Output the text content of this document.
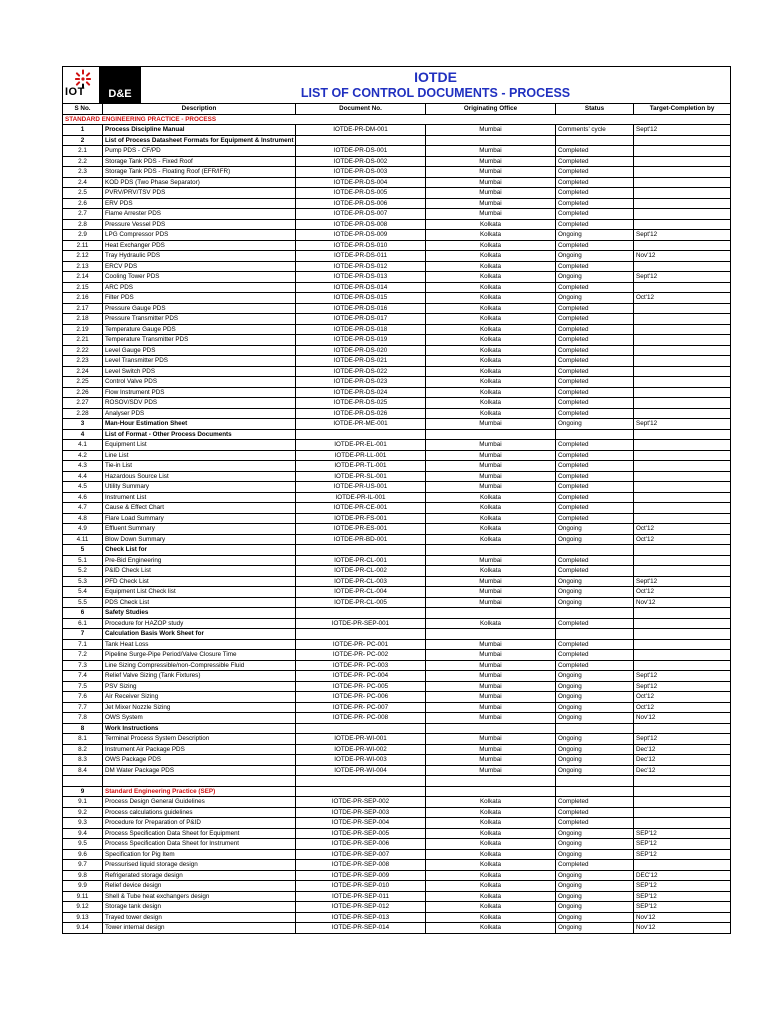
IOT D&E
IOTDE
LIST OF CONTROL DOCUMENTS - PROCESS					

S No.	Description	Document No.	Originating Office	Status	Target-Completion by
STANDARD ENGINEERING PRACTICE - PROCESS					
1	Process Discipline Manual	IOTDE-PR-DM-001	Mumbai	Comments' cycle	Sept'12
2	List of Process Datasheet Formats for Equipment & Instrument				
2.1	Pump PDS - CF/PD	IOTDE-PR-DS-001	Mumbai	Completed	
2.2	Storage Tank PDS - Fixed Roof	IOTDE-PR-DS-002	Mumbai	Completed	
2.3	Storage Tank PDS - Floating Roof (EFR/IFR)	IOTDE-PR-DS-003	Mumbai	Completed	
2.4	KOD PDS (Two Phase Separator)	IOTDE-PR-DS-004	Mumbai	Completed	
2.5	PVRV/PRV/TSV PDS	IOTDE-PR-DS-005	Mumbai	Completed	
2.6	ERV PDS	IOTDE-PR-DS-006	Mumbai	Completed	
2.7	Flame Arrester PDS	IOTDE-PR-DS-007	Mumbai	Completed	
2.8	Pressure Vessel PDS	IOTDE-PR-DS-008	Kolkata	Completed	
2.9	LPG Compressor PDS	IOTDE-PR-DS-009	Kolkata	Ongoing	Sept'12
2.11	Heat Exchanger PDS	IOTDE-PR-DS-010	Kolkata	Completed	
2.12	Tray Hydraulic PDS	IOTDE-PR-DS-011	Kolkata	Ongoing	Nov'12
2.13	ERCV PDS	IOTDE-PR-DS-012	Kolkata	Completed	
2.14	Cooling Tower PDS	IOTDE-PR-DS-013	Kolkata	Ongoing	Sept'12
2.15	ARC PDS	IOTDE-PR-DS-014	Kolkata	Completed	
2.16	Filter PDS	IOTDE-PR-DS-015	Kolkata	Ongoing	Oct'12
2.17	Pressure Gauge PDS	IOTDE-PR-DS-016	Kolkata	Completed	
2.18	Pressure Transmitter PDS	IOTDE-PR-DS-017	Kolkata	Completed	
2.19	Temperature Gauge PDS	IOTDE-PR-DS-018	Kolkata	Completed	
2.21	Temperature Transmitter PDS	IOTDE-PR-DS-019	Kolkata	Completed	
2.22	Level Gauge PDS	IOTDE-PR-DS-020	Kolkata	Completed	
2.23	Level Transmitter PDS	IOTDE-PR-DS-021	Kolkata	Completed	
2.24	Level Switch PDS	IOTDE-PR-DS-022	Kolkata	Completed	
2.25	Control Valve PDS	IOTDE-PR-DS-023	Kolkata	Completed	
2.26	Flow Instrument PDS	IOTDE-PR-DS-024	Kolkata	Completed	
2.27	ROSOV/SDV PDS	IOTDE-PR-DS-025	Kolkata	Completed	
2.28	Analyser PDS	IOTDE-PR-DS-026	Kolkata	Completed	
3	Man-Hour Estimation Sheet	IOTDE-PR-ME-001	Mumbai	Ongoing	Sept'12
4	List of Format - Other Process Documents				
4.1	Equipment List	IOTDE-PR-EL-001	Mumbai	Completed	
4.2	Line List	IOTDE-PR-LL-001	Mumbai	Completed	
4.3	Tie-in List	IOTDE-PR-TL-001	Mumbai	Completed	
4.4	Hazardous Source List	IOTDE-PR-SL-001	Mumbai	Completed	
4.5	Utility Summary	IOTDE-PR-US-001	Mumbai	Completed	
4.6	Instrument List	IOTDE-PR-IL-001	Kolkata	Completed	
4.7	Cause & Effect Chart	IOTDE-PR-CE-001	Kolkata	Completed	
4.8	Flare Load Summary	IOTDE-PR-FS-001	Kolkata	Completed	
4.9	Effluent Summary	IOTDE-PR-ES-001	Kolkata	Ongoing	Oct'12
4.11	Blow Down Summary	IOTDE-PR-BD-001	Kolkata	Ongoing	Oct'12
5	Check List for				
5.1	Pre-Bid Engineering	IOTDE-PR-CL-001	Mumbai	Completed	
5.2	P&ID Check List	IOTDE-PR-CL-002	Kolkata	Completed	
5.3	PFD Check List	IOTDE-PR-CL-003	Mumbai	Ongoing	Sept'12
5.4	Equipment List Check list	IOTDE-PR-CL-004	Mumbai	Ongoing	Oct'12
5.5	PDS Check List	IOTDE-PR-CL-005	Mumbai	Ongoing	Nov'12
6	Safety Studies				
6.1	Procedure for HAZOP study	IOTDE-PR-SEP-001	Kolkata	Completed	
7	Calculation Basis Work Sheet for				
7.1	Tank Heat Loss	IOTDE-PR- PC-001	Mumbai	Completed	
7.2	Pipeline Surge-Pipe Period/Valve Closure Time	IOTDE-PR- PC-002	Mumbai	Completed	
7.3	Line Sizing Compressible/non-Compressible Fluid	IOTDE-PR- PC-003	Mumbai	Completed	
7.4	Relief Valve Sizing (Tank Fixtures)	IOTDE-PR- PC-004	Mumbai	Ongoing	Sept'12
7.5	PSV Sizing	IOTDE-PR- PC-005	Mumbai	Ongoing	Sept'12
7.6	Air Receiver Sizing	IOTDE-PR- PC-006	Mumbai	Ongoing	Oct'12
7.7	Jet Mixer Nozzle Sizing	IOTDE-PR- PC-007	Mumbai	Ongoing	Oct'12
7.8	OWS System	IOTDE-PR- PC-008	Mumbai	Ongoing	Nov'12
8	Work Instructions				
8.1	Terminal Process System Description	IOTDE-PR-WI-001	Mumbai	Ongoing	Sept'12
8.2	Instrument Air Package PDS	IOTDE-PR-WI-002	Mumbai	Ongoing	Dec'12
8.3	OWS Package PDS	IOTDE-PR-WI-003	Mumbai	Ongoing	Dec'12
8.4	DM Water Package PDS	IOTDE-PR-WI-004	Mumbai	Ongoing	Dec'12

9	Standard Engineering Practice (SEP)				
9.1	Process Design General Guidelines	IOTDE-PR-SEP-002	Kolkata	Completed	
9.2	Process calculations guidelines	IOTDE-PR-SEP-003	Kolkata	Completed	
9.3	Procedure for Preparation of P&ID	IOTDE-PR-SEP-004	Kolkata	Completed	
9.4	Process Specification Data Sheet for Equipment	IOTDE-PR-SEP-005	Kolkata	Ongoing	SEP'12
9.5	Process Specification Data Sheet for Instrument	IOTDE-PR-SEP-006	Kolkata	Ongoing	SEP'12
9.6	Specification for Pig Item	IOTDE-PR-SEP-007	Kolkata	Ongoing	SEP'12
9.7	Pressurised liquid storage design	IOTDE-PR-SEP-008	Kolkata	Completed	
9.8	Refrigerated storage design	IOTDE-PR-SEP-009	Kolkata	Ongoing	DEC'12
9.9	Relief device design	IOTDE-PR-SEP-010	Kolkata	Ongoing	SEP'12
9.11	Shell & Tube heat exchangers design	IOTDE-PR-SEP-011	Kolkata	Ongoing	SEP'12
9.12	Storage tank design	IOTDE-PR-SEP-012	Kolkata	Ongoing	SEP'12
9.13	Trayed tower design	IOTDE-PR-SEP-013	Kolkata	Ongoing	Nov'12
9.14	Tower internal design	IOTDE-PR-SEP-014	Kolkata	Ongoing	Nov'12
